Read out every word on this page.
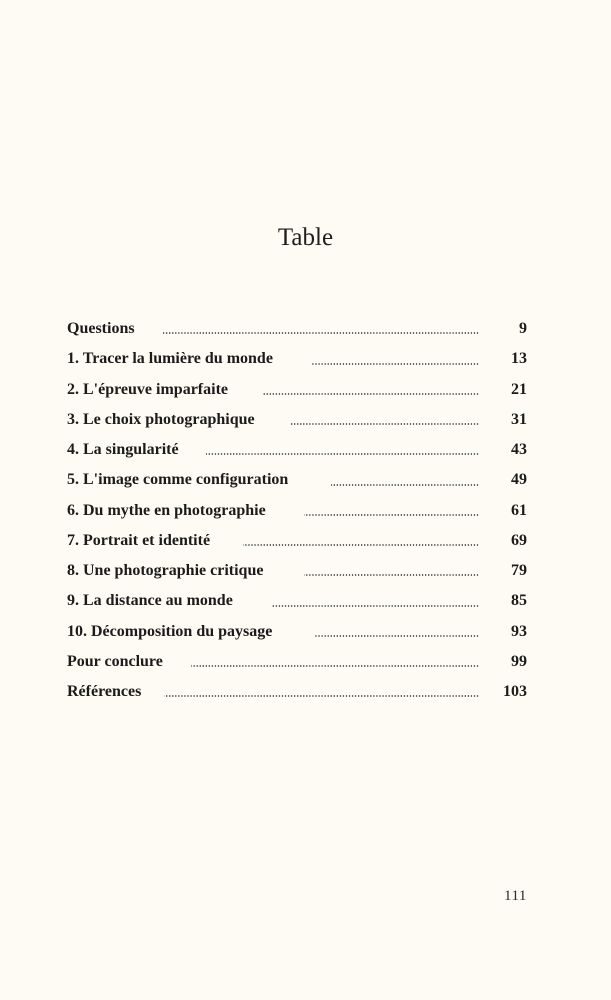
Table
Questions	9
1. Tracer la lumière du monde	13
2. L'épreuve imparfaite	21
3. Le choix photographique	31
4. La singularité	43
5. L'image comme configuration	49
6. Du mythe en photographie	61
7. Portrait et identité	69
8. Une photographie critique	79
9. La distance au monde	85
10. Décomposition du paysage	93
Pour conclure	99
Références	103
111
